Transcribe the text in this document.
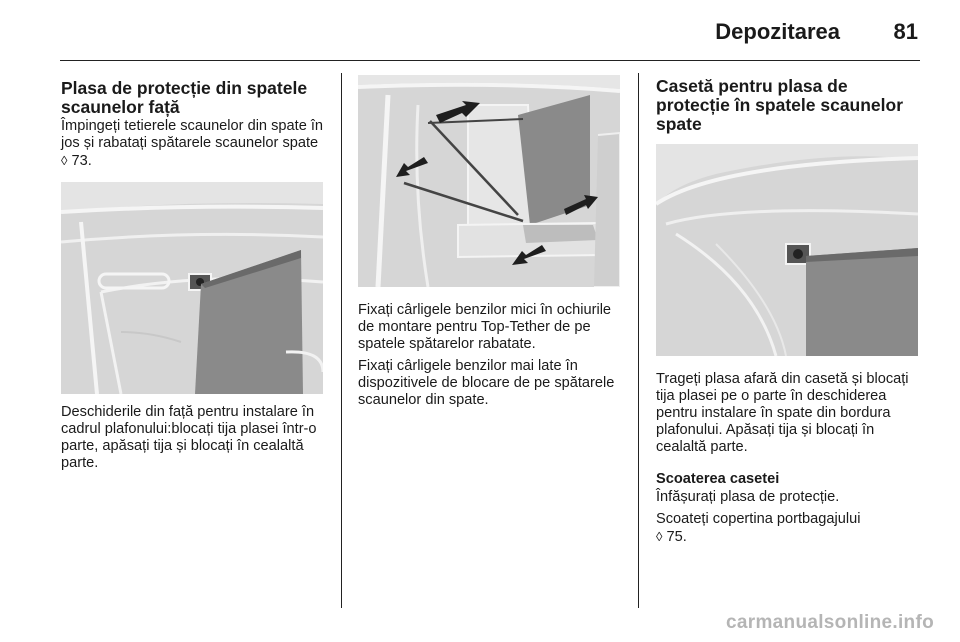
Depozitarea 81
Plasa de protecție din spatele scaunelor față

Împingeți tetierele scaunelor din spate în jos și rabatați spătarele scaunelor spate ◊ 73.

Deschiderile din față pentru instalare în cadrul plafonului:blocați tija plasei într-o parte, apăsați tija și blocați în cealaltă parte.

Fixați cârligele benzilor mici în ochiurile de montare pentru Top-Tether de pe spatele spătarelor rabatate.

Fixați cârligele benzilor mai late în dispozitivele de blocare de pe spătarele scaunelor din spate.

Casetă pentru plasa de protecție în spatele scaunelor spate

Trageți plasa afară din casetă și blocați tija plasei pe o parte în deschiderea pentru instalare în spate din bordura plafonului. Apăsați tija și blocați în cealaltă parte.

Scoaterea casetei

Înfășurați plasa de protecție.

Scoateți copertina portbagajului
◊ 75.

carmanualsonline.info
